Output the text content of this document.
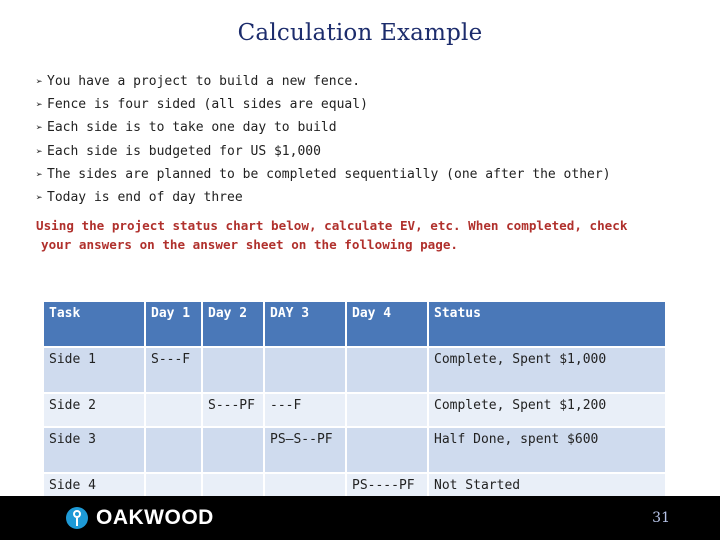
Calculation Example
➢ You have a project to build a new fence.
➢ Fence is four sided (all sides are equal)
➢ Each side is to take one day to build
➢ Each side is budgeted for US $1,000
➢ The sides are planned to be completed sequentially (one after the other)
➢ Today is end of day three
Using the project status chart below, calculate EV, etc. When completed, check
your answers on the answer sheet on the following page.
Task	Day 1	Day 2	DAY 3	Day 4	Status
Side 1	S---F				Complete, Spent $1,000
Side 2		S---PF	---F		Complete, Spent $1,200
Side 3			PS—S--PF		Half Done, spent $600
Side 4				PS----PF	Not Started
OAKWOOD	31
